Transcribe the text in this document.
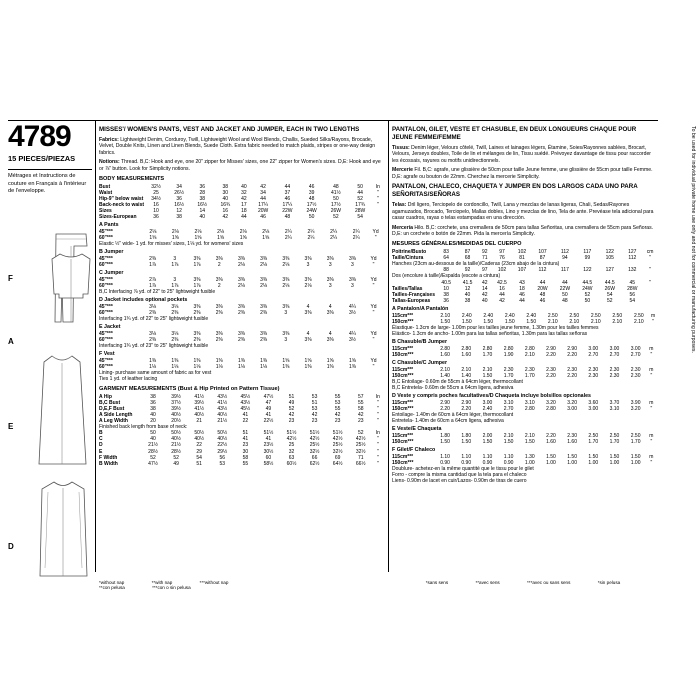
4789
15 PIECES/PIEZAS
Métrages et Instructions de couture en Français à l'intérieur de l'enveloppe.
F
A
E
D
MISSES'/ WOMEN'S PANTS, VEST AND JACKET AND JUMPER, EACH IN TWO LENGTHS
Fabrics: Lightweight Denim, Corduroy, Twill, Lightweight Wool and Wool Blends, Challis, Sueded Silks/Rayons, Brocade, Velvet, Double Knits, Linen and Linen Blends, Suede Cloth. Extra fabric needed to match plaids, stripes or one-way design fabrics.
Notions: Thread. B,C: Hook and eye, one 20" zipper for Misses' sizes, one 22" zipper for Women's sizes. D,E: Hook and eye or ⅞" button. Look for Simplicity notions.
BODY MEASUREMENTS
Bust	32½	34	36	38	40	42	44	46	48	50	In
Waist	25	26½	28	30	32	34	37	39	41½	44	"
Hip-9" below waist	34½	36	38	40	42	44	46	48	50	52	"
Back-neck to waist	16	16½	16½	16¾	17	17¼	17¼	17½	17½	17¾	"
Sizes	10	12	14	16	18	20W	22W	24W	26W	28W	
Sizes-European	36	38	40	42	44	46	48	50	52	54	
A Pants
45"***	2⅛	2⅛	2⅛	2⅛	2⅛	2⅛	2¼	2¼	2¼	2¼	Yd
60"***	1⅝	1⅝	1⅝	1⅝	1⅝	1⅝	2¼	2¼	2¼	2¼	"
Elastic ½" wide- 1 yd. for misses' sizes, 1⅛ yd. for womens' sizes											
B Jumper
45"***	2⅜	3	3⅜	3⅜	3⅜	3⅜	3⅜	3⅜	3⅜	3⅜	Yd
60"***	1⅞	1⅞	1⅞	2	2⅛	2⅛	2⅛	3	3	3	"
C Jumper
45"***	2⅞	3	3⅜	3⅜	3⅜	3⅜	3⅜	3⅜	3⅜	3⅜	Yd
60"***	1⅞	1⅞	1⅞	2	2⅛	2⅛	2⅛	2⅛	3	3	"
B,C Interfacing ⅞ yd. of 22" to 25" lightweight fusible											
D Jacket includes optional pockets
45"***	3⅛	3⅛	3⅜	3⅜	3⅜	3⅜	3⅜	4	4	4¼	Yd
60"***	2⅜	2⅜	2⅜	2⅜	2⅜	2⅜	3	3⅜	3⅜	3½	"
Interfacing 1¾ yd. of 22" to 25" lightweight fusible											
E Jacket
45"***	3⅛	3⅛	3⅜	3⅜	3⅜	3⅜	3⅜	4	4	4¼	Yd
60"***	2⅜	2⅜	2⅜	2⅜	2⅜	2⅜	3	3⅜	3⅜	3½	"
Interfacing 1¾ yd. of 23" to 25" lightweight fusible											
F Vest
45"***	1⅜	1⅜	1⅜	1⅜	1⅜	1⅜	1⅝	1⅝	1⅝	1⅝	Yd
60"***	1⅛	1⅛	1⅛	1⅛	1⅛	1⅛	1⅜	1⅜	1⅜	1⅜	"
Lining- purchase same amount of fabric as for vest											
Ties 1 yd. of leather lacing											
GARMENT MEASUREMENTS (Bust & Hip Printed on Pattern Tissue)
A Hip	38	39½	41½	43½	45½	47½	51	53	55	57	In
B,C Bust	36	37½	39½	41½	43½	47	49	51	53	55	"
D,E,F Bust	38	39½	41½	43½	45½	49	52	53	55	58	"
A Side Length	40	40½	40½	40½	41	41	42	42	42	42	"
A Leg Width	20	20½	21	21½	22	22½	23	23	23	23	"
Finished back length from base of neck:											
B	50	50½	50½	50½	51	51½	51½	51½	51½	52	In
C	40	40½	40½	40½	41	41	42½	42½	42½	42½	"
D	21½	21½	22	22½	23	23½	25	25½	25½	25½	"
E	28½	28½	29	29½	30	30½	32	32½	32½	32½	"
F Width	52	52	54	56	58	60	63	66	69	71	"
B Width	47½	49	51	53	55	58½	60½	62½	64½	66½	"
PANTALON, GILET, VESTE ET CHASUBLE, EN DEUX LONGUEURS CHAQUE POUR JEUNE FEMME/FEMME
Tissus: Denim léger, Velours côtelé, Twill, Laines et lainages légers, Étamine, Soies/Rayonnes sablées, Brocart, Velours, Jerseys doubles, Toile de lin et mélanges de lin, Tissu suédé. Prévoyez davantage de tissu pour raccorder les écossais, rayures ou motifs unidirectionnels.
Mercerie Fil. B,C: agrafe, une glissière de 50cm pour taille Jeune femme, une glissière de 55cm pour taille Femme. D,E: agrafe ou bouton de 22mm. Cherchez la mercerie Simplicity.
PANTALON, CHALECO, CHAQUETA Y JUMPER EN DOS LARGOS CADA UNO PARA SEÑORITAS/SEÑORAS
Telas: Dril ligero, Terciopelo de cordoncillo, Twill, Lana y mezclas de lanas ligeras, Chali, Sedas/Rayones agamuzados, Brocado, Terciopelo, Mallas dobles, Lino y mezclas de lino, Tela de ante. Prevéase tela adicional para casar cuadros, rayas o telas estampadas en una dirección.
Mercería Hilo. B,C: corchete, una cremallera de 50cm para tallas Señoritas, una cremallera de 55cm para Señoras. D,E: un corchete o botón de 22mm. Pida la mercería Simplicity.
MESURES GÉNÉRALES/MEDIDAS DEL CUERPO
Poitrine/Busto	83	87	92	97	102	107	112	117	122	127	cm
Taille/Cintura	64	68	71	76	81	87	94	99	105	112	"
Hanches (23cm au-dessous de la taille)/Caderas (23cm abajo de la cintura)											
	88	92	97	102	107	112	117	122	127	132	"
Dos (encolure à taille)/Espalda (escote a cintura)											
	40.5	41.5	42	42.5	43	44	44	44.5	44.5	45	"
Tailles/Tallas	10	12	14	16	18	20W	22W	24W	26W	28W	
Tailles-Françaises	38	40	42	44	46	48	50	52	54	56	
Tallas-Europeas	36	38	40	42	44	46	48	50	52	54	
A Pantalon/A Pantalón
115cm***	2.10	2.40	2.40	2.40	2.40	2.50	2.50	2.50	2.50	2.50	m
150cm***	1.50	1.50	1.50	1.50	1.50	2.10	2.10	2.10	2.10	2.10	"
Élastique- 1.3cm de large- 1.00m pour les tailles jeune femme, 1.30m pour les tailles femmes											
Elástico- 1.3cm de ancho- 1.00m para las tallas señoritas, 1.30m para las tallas señoras											
B Chasuble/B Jumper
115cm***	2.80	2.80	2.80	2.80	2.80	2.90	2.90	3.00	3.00	3.00	m
150cm***	1.60	1.60	1.70	1.90	2.10	2.20	2.20	2.70	2.70	2.70	"
C Chasuble/C Jumper
115cm***	2.10	2.10	2.10	2.30	2.30	2.30	2.30	2.30	2.30	2.30	m
150cm***	1.40	1.40	1.50	1.70	1.70	2.20	2.20	2.30	2.30	2.30	"
B,C Entoilage- 0.60m de 55cm à 64cm léger, thermocollant											
B,C Entretela- 0.60m de 55cm a 64cm ligera, adhesiva											
D Veste y compris poches facultatives/D Chaqueta incluye bolsillos opcionales
115cm***	2.90	2.90	3.00	3.10	3.10	3.20	3.20	3.60	3.70	3.90	m
150cm***	2.20	2.20	2.40	2.70	2.80	2.80	3.00	3.00	3.10	3.20	"
Entoilage- 1.40m de 60cm à 64cm léger, thermocollant											
Entretela- 1.40m de 60cm a 64cm ligera, adhesiva											
E Veste/E Chaqueta
115cm***	1.80	1.80	2.00	2.10	2.10	2.20	2.30	2.50	2.50	2.50	m
150cm***	1.50	1.50	1.50	1.50	1.50	1.60	1.60	1.70	1.70	1.70	"
F Gilet/F Chaleco
115cm***	1.10	1.10	1.10	1.10	1.30	1.50	1.50	1.50	1.50	1.50	m
150cm***	0.90	0.90	0.90	0.90	1.00	1.00	1.00	1.00	1.00	1.00	"
Doublure- achetez-en la même quantité que le tissu pour le gilet											
Forro - compre la misma cantidad que la tela para el chaleco											
Liens- 0.90m de lacet en cuir/Lazos- 0.90m de tiras de cuero											
*without nap	**with nap	***without nap	*sans sens	**avec sens	***avec ou sans sens	*sin pelusa **con pelusa	***con o sin pelusa
To be used for individual private home use only and not for commercial or manufacturing purposes.
